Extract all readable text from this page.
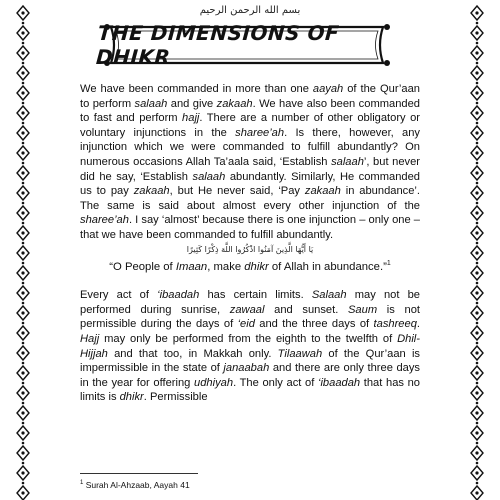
بسم الله الرحمن الرحيم
THE DIMENSIONS OF DHIKR

We have been commanded in more than one aayah of the Qur’aan to perform salaah and give zakaah. We have also been commanded to fast and perform hajj. There are a number of other obligatory or voluntary injunctions in the sharee’ah. Is there, however, any injunction which we were commanded to fulfill abundantly? On numerous occasions Allah Ta’aala said, ‘Establish salaah’, but never did he say, ‘Establish salaah abundantly. Similarly, He commanded us to pay zakaah, but He never said, ‘Pay zakaah in abundance’. The same is said about almost every other injunction of the sharee’ah. I say ‘almost’ because there is one injunction – only one – that we have been commanded to fulfill abundantly.

يَا أَيُّهَا الَّذِينَ آمَنُوا اذْكُرُوا اللَّهَ ذِكْرًا كَثِيرًا
“O People of Imaan, make dhikr of Allah in abundance.”$^1$

Every act of ‘ibaadah has certain limits. Salaah may not be performed during sunrise, zawaal and sunset. Saum is not permissible during the days of ‘eid and the three days of tashreeq. Hajj may only be performed from the eighth to the twelfth of Dhil-Hijjah and that too, in Makkah only. Tilaawah of the Qur’aan is impermissible in the state of janaabah and there are only three days in the year for offering udhiyah. The only act of ‘ibaadah that has no limits is dhikr. Permissible

$^1$ Surah Al-Ahzaab, Aayah 41
